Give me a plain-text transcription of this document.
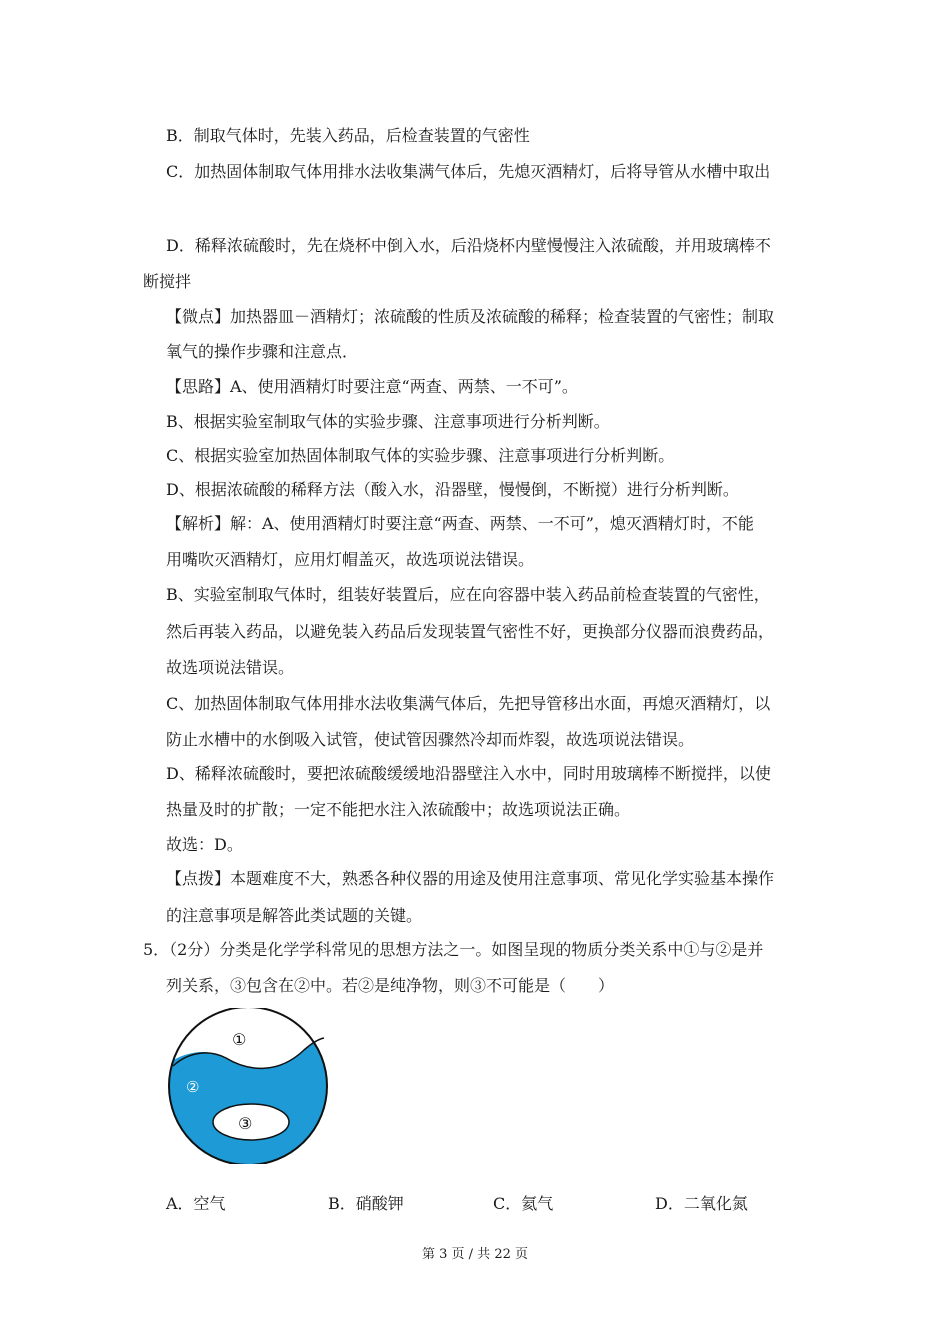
B．制取气体时，先装入药品，后检查装置的气密性
C．加热固体制取气体用排水法收集满气体后，先熄灭酒精灯，后将导管从水槽中取出
D．稀释浓硫酸时，先在烧杯中倒入水，后沿烧杯内壁慢慢注入浓硫酸，并用玻璃棒不
断搅拌
【微点】加热器皿－酒精灯；浓硫酸的性质及浓硫酸的稀释；检查装置的气密性；制取
氧气的操作步骤和注意点．
【思路】A、使用酒精灯时要注意“两查、两禁、一不可”。
B、根据实验室制取气体的实验步骤、注意事项进行分析判断。
C、根据实验室加热固体制取气体的实验步骤、注意事项进行分析判断。
D、根据浓硫酸的稀释方法（酸入水，沿器壁，慢慢倒，不断搅）进行分析判断。
【解析】解：A、使用酒精灯时要注意“两查、两禁、一不可”，熄灭酒精灯时，不能
用嘴吹灭酒精灯，应用灯帽盖灭，故选项说法错误。
B、实验室制取气体时，组装好装置后，应在向容器中装入药品前检查装置的气密性，
然后再装入药品，以避免装入药品后发现装置气密性不好，更换部分仪器而浪费药品，
故选项说法错误。
C、加热固体制取气体用排水法收集满气体后，先把导管移出水面，再熄灭酒精灯，以
防止水槽中的水倒吸入试管，使试管因骤然冷却而炸裂，故选项说法错误。
D、稀释浓硫酸时，要把浓硫酸缓缓地沿器壁注入水中，同时用玻璃棒不断搅拌，以使
热量及时的扩散；一定不能把水注入浓硫酸中；故选项说法正确。
故选：D。
【点拨】本题难度不大，熟悉各种仪器的用途及使用注意事项、常见化学实验基本操作
的注意事项是解答此类试题的关键。
5．（2分）分类是化学学科常见的思想方法之一。如图呈现的物质分类关系中①与②是并
列关系，③包含在②中。若②是纯净物，则③不可能是（　　）
①
②
③
A．空气	B．硝酸钾	C．氦气	D．二氧化氮
第 3 页 / 共 22 页
